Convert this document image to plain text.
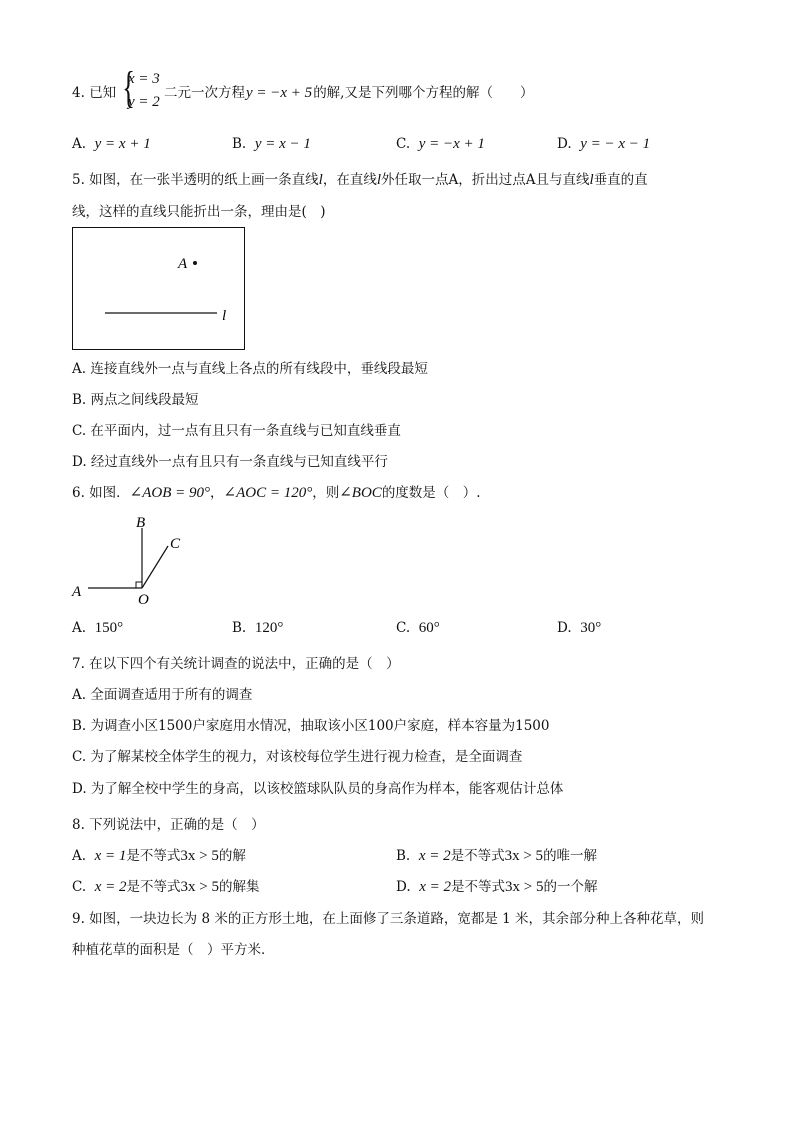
4. 已知 {
x = 3
y = 2
二元一次方程y = −x + 5的解,又是下列哪个方程的解（　　）
A. y = x + 1	B. y = x − 1	C. y = −x + 1	D. y = − x − 1
5. 如图，在一张半透明的纸上画一条直线l，在直线l外任取一点A，折出过点A且与直线l垂直的直
线，这样的直线只能折出一条，理由是(　)
A
l
A. 连接直线外一点与直线上各点的所有线段中，垂线段最短
B. 两点之间线段最短
C. 在平面内，过一点有且只有一条直线与已知直线垂直
D. 经过直线外一点有且只有一条直线与已知直线平行
6. 如图．∠AOB = 90°，∠AOC = 120°，则∠BOC的度数是（　）.
A
B
C
O
A. 150°	B. 120°	C. 60°	D. 30°
7. 在以下四个有关统计调查的说法中，正确的是（　）
A. 全面调查适用于所有的调查
B. 为调查小区1500户家庭用水情况，抽取该小区100户家庭，样本容量为1500
C. 为了解某校全体学生的视力，对该校每位学生进行视力检查，是全面调查
D. 为了解全校中学生的身高，以该校篮球队队员的身高作为样本，能客观估计总体
8. 下列说法中，正确的是（　）
A. x = 1是不等式3x > 5的解	B. x = 2是不等式3x > 5的唯一解
C. x = 2是不等式3x > 5的解集	D. x = 2是不等式3x > 5的一个解
9. 如图，一块边长为 8 米的正方形土地，在上面修了三条道路，宽都是 1 米，其余部分种上各种花草，则
种植花草的面积是（　）平方米．
